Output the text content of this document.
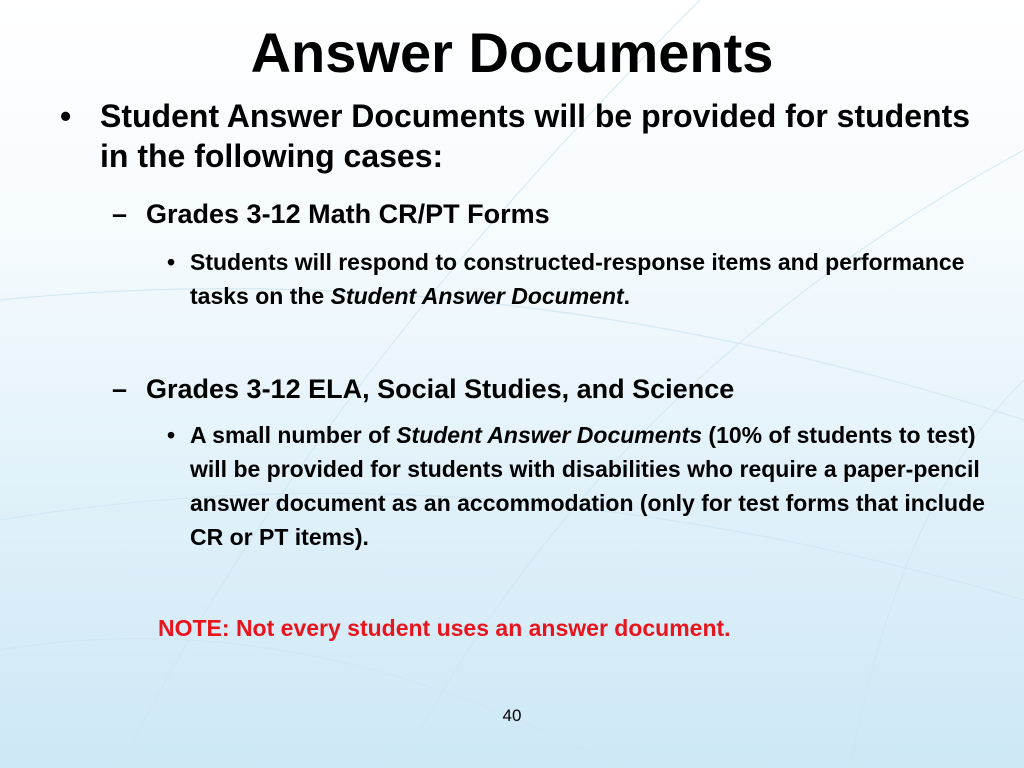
Answer Documents
• Student Answer Documents will be provided for students in the following cases:
– Grades 3-12 Math CR/PT Forms
• Students will respond to constructed-response items and performance tasks on the Student Answer Document.
– Grades 3-12 ELA, Social Studies, and Science
• A small number of Student Answer Documents (10% of students to test) will be provided for students with disabilities who require a paper-pencil answer document as an accommodation (only for test forms that include CR or PT items).
NOTE: Not every student uses an answer document.
40
